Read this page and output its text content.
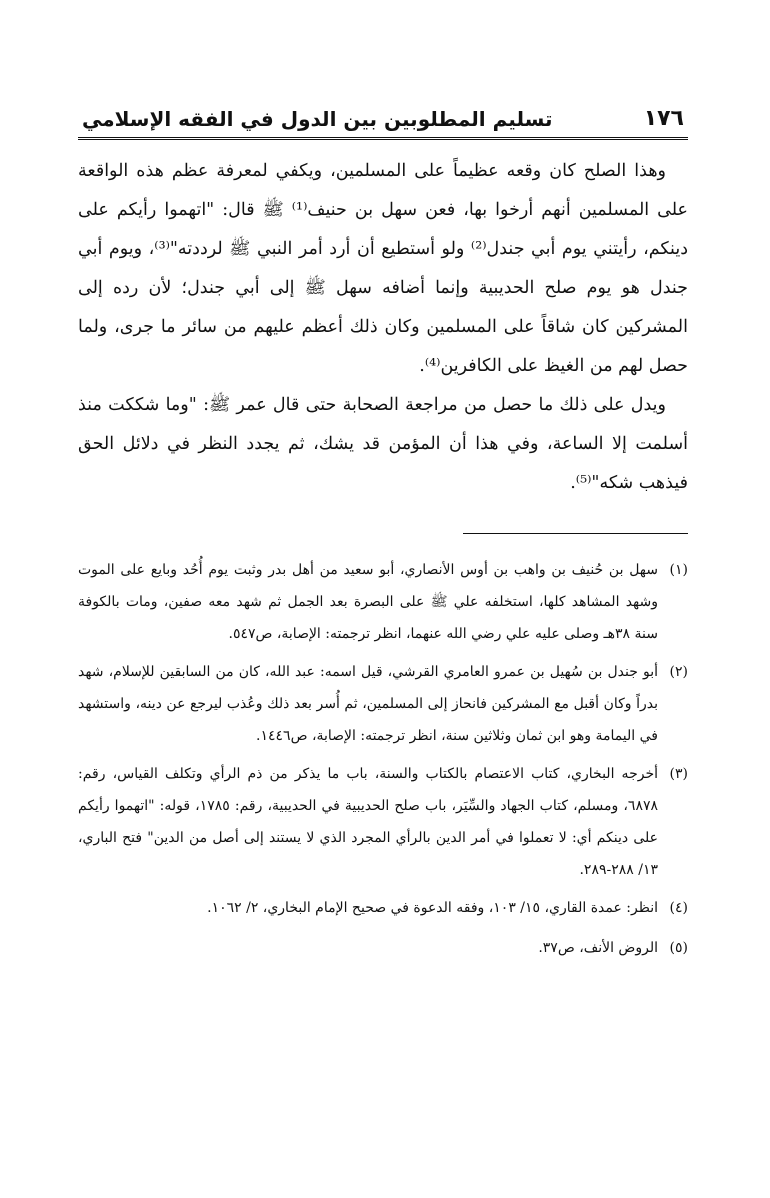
١٧٦
تسليم المطلوبين بين الدول في الفقه الإسلامي

وهذا الصلح كان وقعه عظيماً على المسلمين، ويكفي لمعرفة عظم هذه الواقعة على المسلمين أنهم أرخوا بها، فعن سهل بن حنيف⁽¹⁾ ﷺ قال: "اتهموا رأيكم على دينكم، رأيتني يوم أبي جندل⁽²⁾ ولو أستطيع أن أرد أمر النبي ﷺ لرددته"⁽³⁾، ويوم أبي جندل هو يوم صلح الحديبية وإنما أضافه سهل ﷺ إلى أبي جندل؛ لأن رده إلى المشركين كان شاقاً على المسلمين وكان ذلك أعظم عليهم من سائر ما جرى، ولما حصل لهم من الغيظ على الكافرين⁽⁴⁾.

ويدل على ذلك ما حصل من مراجعة الصحابة حتى قال عمر ﷺ: "وما شككت منذ أسلمت إلا الساعة، وفي هذا أن المؤمن قد يشك، ثم يجدد النظر في دلائل الحق فيذهب شكه"⁽⁵⁾.

(١)
سهل بن حُنيف بن واهب بن أوس الأنصاري، أبو سعيد من أهل بدر وثبت يوم أُحُد وبايع على الموت وشهد المشاهد كلها، استخلفه علي ﷺ على البصرة بعد الجمل ثم شهد معه صفين، ومات بالكوفة سنة ٣٨هـ وصلى عليه علي رضي الله عنهما، انظر ترجمته: الإصابة، ص٥٤٧.
(٢)
أبو جندل بن سُهيل بن عمرو العامري القرشي، قيل اسمه: عبد الله، كان من السابقين للإسلام، شهد بدراً وكان أقبل مع المشركين فانحاز إلى المسلمين، ثم أُسر بعد ذلك وعُذب ليرجع عن دينه، واستشهد في اليمامة وهو ابن ثمان وثلاثين سنة، انظر ترجمته: الإصابة، ص١٤٤٦.
(٣)
أخرجه البخاري، كتاب الاعتصام بالكتاب والسنة، باب ما يذكر من ذم الرأي وتكلف القياس، رقم: ٦٨٧٨، ومسلم، كتاب الجهاد والسِّيَر، باب صلح الحديبية في الحديبية، رقم: ١٧٨٥، قوله: "اتهموا رأيكم على دينكم أي: لا تعملوا في أمر الدين بالرأي المجرد الذي لا يستند إلى أصل من الدين" فتح الباري، ١٣/ ٢٨٨-٢٨٩.
(٤)
انظر: عمدة القاري، ١٥/ ١٠٣، وفقه الدعوة في صحيح الإمام البخاري، ٢/ ١٠٦٢.
(٥)
الروض الأنف، ص٣٧.
